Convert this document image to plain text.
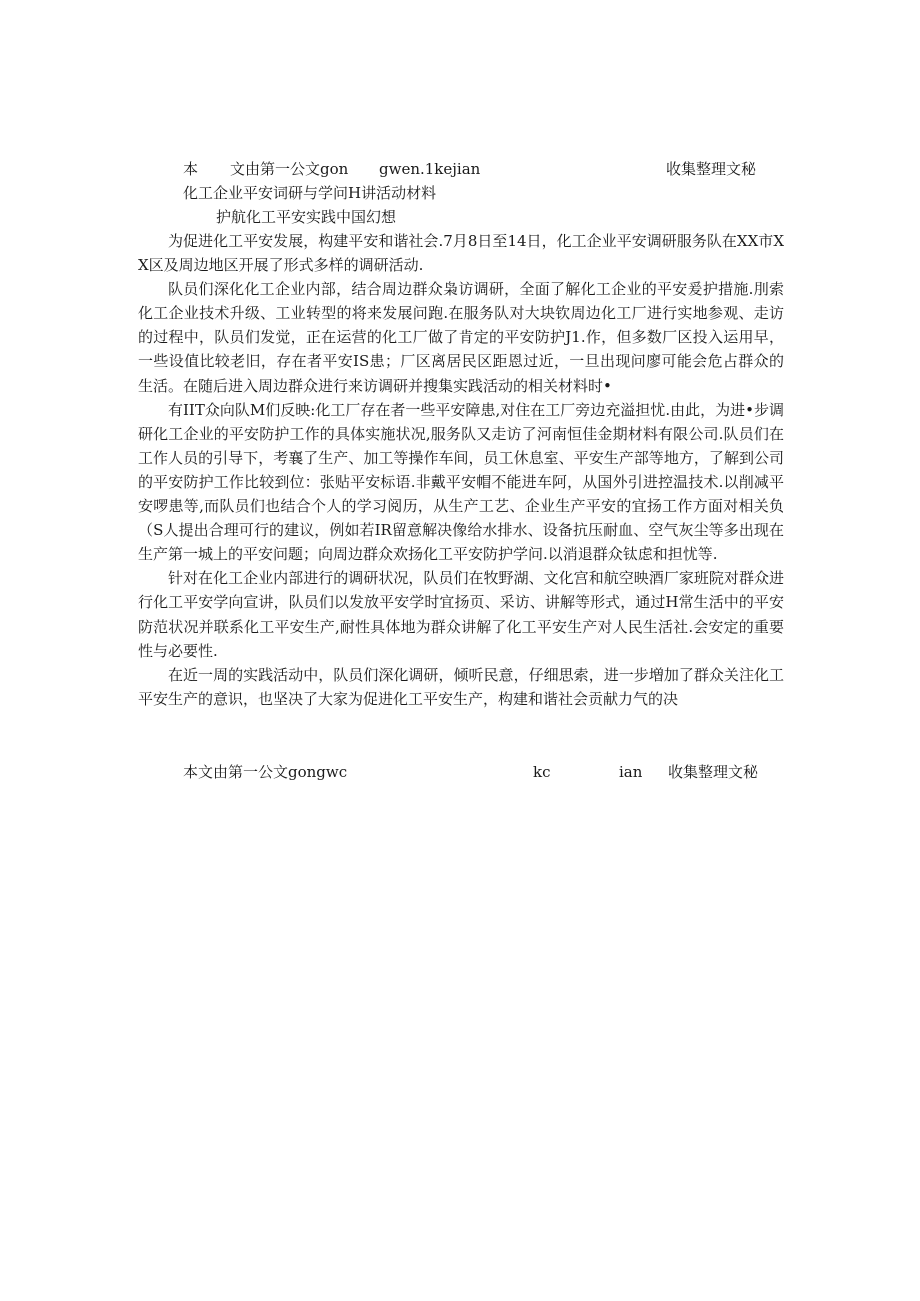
本 文由第一公文gon gwen.1kejian	收集整理文秘
化工企业平安词研与学问H讲活动材料
护航化工平安实践中国幻想

为促进化工平安发展，构建平安和谐社会.7月8日至14日，化工企业平安调研服务队在XX市XX区及周边地区开展了形式多样的调研活动.

队员们深化化工企业内部，结合周边群众枭访调研，全面了解化工企业的平安爰护措施.刖索化工企业技术升级、工业转型的将来发展问跑.在服务队对大块钦周边化工厂进行实地参观、走访的过程中，队员们发觉，正在运营的化工厂做了肯定的平安防护J1.作，但多数厂区投入运用早，一些设值比较老旧，存在者平安IS患；厂区离居民区距恩过近，一旦出现问廖可能会危占群众的生活。在随后进入周边群众进行来访调研并搜集实践活动的相关材料时•

有IIT众向队M们反映:化工厂存在者一些平安障患,对住在工厂旁边充溢担忧.由此，为进•步调研化工企业的平安防护工作的具体实施状况,服务队又走访了河南恒佳金期材料有限公司.队员们在工作人员的引导下，考襄了生产、加工等操作车间，员工休息室、平安生产部等地方，了解到公司的平安防护工作比较到位：张贴平安标语.非戴平安帽不能进车阿，从国外引进控温技术.以削减平安啰患等,而队员们也结合个人的学习阅历，从生产工艺、企业生产平安的宜扬工作方面对相关负（S人提出合理可行的建议，例如若IR留意解决像给水排水、设备抗压耐血、空气灰尘等多出现在生产第一城上的平安问题；向周边群众欢扬化工平安防护学问.以消退群众钛虑和担忧等.

针对在化工企业内部进行的调研状况，队员们在牧野湖、文化宫和航空映酒厂家班院对群众进行化工平安学向宣讲，队员们以发放平安学时宜扬页、采访、讲解等形式，通过H常生活中的平安防范状况并联系化工平安生产,耐性具体地为群众讲解了化工平安生产对人民生活社.会安定的重要性与必要性.

在近一周的实践活动中，队员们深化调研，倾听民意，仔细思索，进一步増加了群众关注化工平安生产的意识，也坚决了大家为促进化工平安生产，构建和谐社会贡献力气的决

本文由第一公文gongwc	kc	ian 收集整理文秘
